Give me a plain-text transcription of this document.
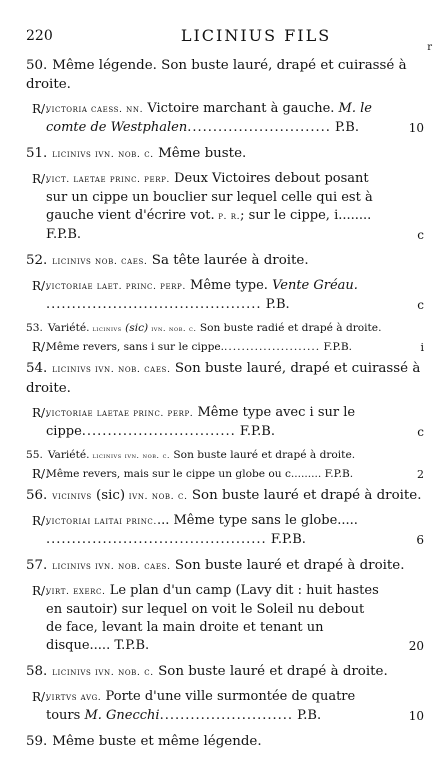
220	LICINIUS FILS
r
50. Même légende. Son buste lauré, drapé et cuirassé à droite.
R/.
victoria caess. nn. Victoire marchant à gauche. M. le comte de Westphalen............................ P.B.	10
51. licinivs ivn. nob. c. Même buste.
R/.
vict. laetae princ. perp. Deux Victoires debout posant sur un cippe un bouclier sur lequel celle qui est à gauche vient d'écrire vot. p. r.; sur le cippe, i........ F.P.B.	c
52. licinivs nob. caes. Sa tête laurée à droite.
R/.
victoriae laet. princ. perp. Même type. Vente Gréau. .......................................... P.B.	c
53. Variété. licinivs (sic) ivn. nob. c. Son buste radié et drapé à droite.
R/.
Même revers, sans i sur le cippe....................... F.P.B.	i
54. licinivs ivn. nob. caes. Son buste lauré, drapé et cuirassé à droite.
R/.
victoriae laetae princ. perp. Même type avec i sur le cippe.............................. F.P.B.	c
55. Variété. licinivs ivn. nob. c. Son buste lauré et drapé à droite.
R/.
Même revers, mais sur le cippe un globe ou c......... F.P.B.	2
56. vicinivs (sic) ivn. nob. c. Son buste lauré et drapé à droite.
R/.
victoriai laitai princ.... Même type sans le globe..... ........................................... F.P.B.	6
57. licinivs ivn. nob. caes. Son buste lauré et drapé à droite.
R/.
virt. exerc. Le plan d'un camp (Lavy dit : huit hastes en sautoir) sur lequel on voit le Soleil nu debout de face, levant la main droite et tenant un disque..... T.P.B.	20
58. licinivs ivn. nob. c. Son buste lauré et drapé à droite.
R/.
virtvs avg. Porte d'une ville surmontée de quatre tours M. Gnecchi.......................... P.B.	10
59. Même buste et même légende.
